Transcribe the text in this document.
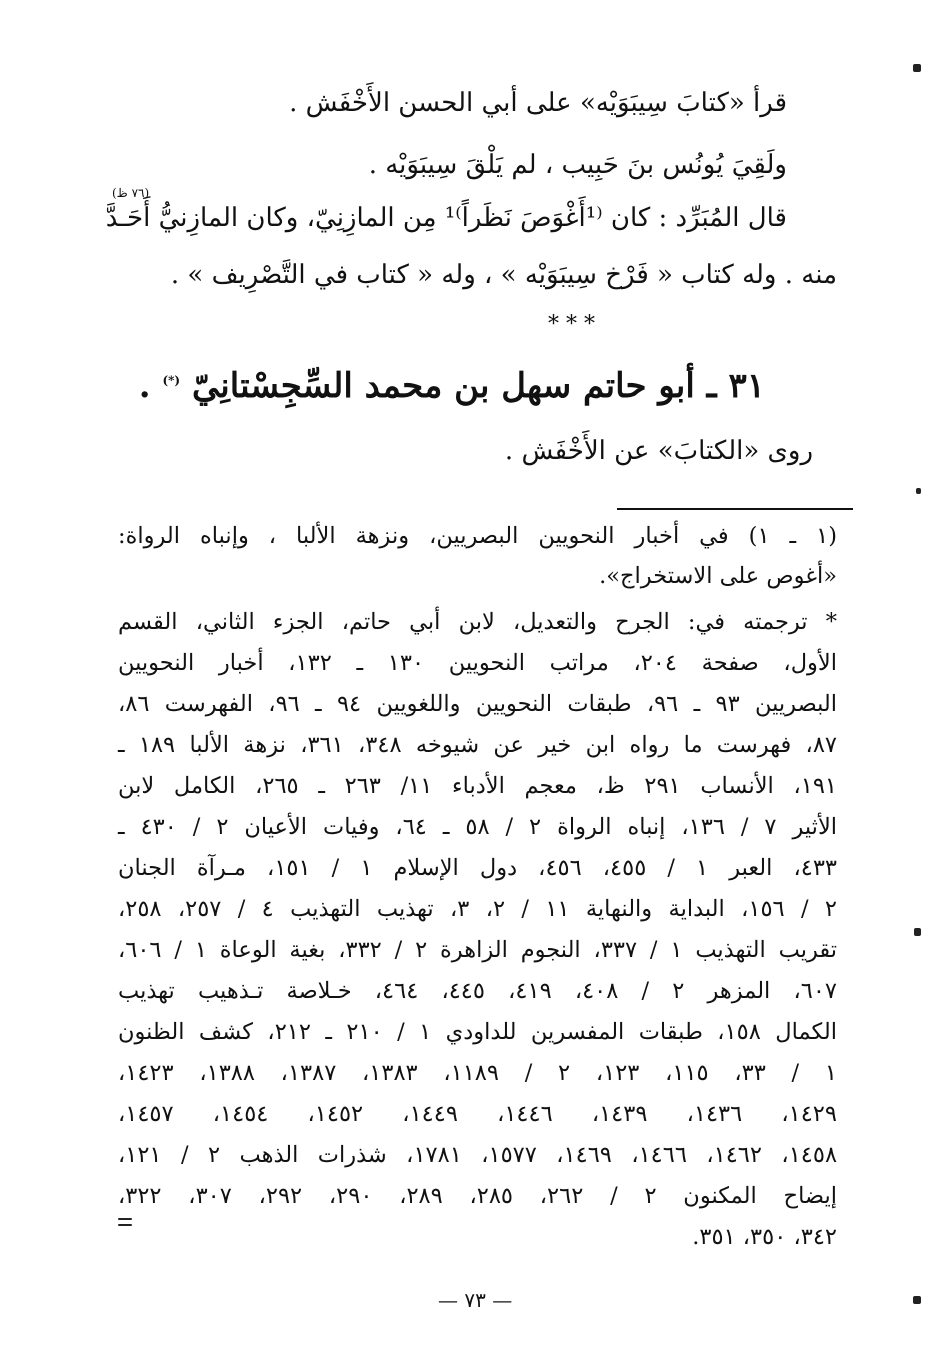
قرأ «كتابَ سِيبَوَيْه» على أبي الحسن الأَخْفَش .
ولَقِيَ يُونُس بنَ حَبِيب ، لم يَلْقَ سِيبَوَيْه .
قال المُبَرِّد : كان ⁽¹أَغْوَصَ نَظَراً⁾¹ مِن المازِنِيّ، وكان المازِنيُّ أَحَـدَّ
(٧٦ ظ)
منه . وله كتاب « فَرْخ سِيبَوَيْه » ، وله « كتاب في التَّصْرِيف » .
* * *
٣١ ـ أبو حاتم سهل بن محمد السِّجِسْتانِيّ (*) .
روى «الكتابَ» عن الأَخْفَش .
(١ ـ ١) في أخبار النحويين البصريين، ونزهة الألبا ، وإنباه الرواة:
«أغوص على الاستخراج».
* ترجمته في: الجرح والتعديل، لابن أبي حاتم، الجزء الثاني، القسم
الأول، صفحة ٢٠٤، مراتب النحويين ١٣٠ ـ ١٣٢، أخبار النحويين
البصريين ٩٣ ـ ٩٦، طبقات النحويين واللغويين ٩٤ ـ ٩٦، الفهرست ٨٦،
٨٧، فهرست ما رواه ابن خير عن شيوخه ٣٤٨، ٣٦١، نزهة الألبا ١٨٩ ـ
١٩١، الأنساب ٢٩١ ظ، معجم الأدباء ١١/ ٢٦٣ ـ ٢٦٥، الكامل لابن
الأثير ٧ / ١٣٦، إنباه الرواة ٢ / ٥٨ ـ ٦٤، وفيات الأعيان ٢ / ٤٣٠ ـ
٤٣٣، العبر ١ / ٤٥٥، ٤٥٦، دول الإسلام ١ / ١٥١، مـرآة الجنان
٢ / ١٥٦، البداية والنهاية ١١ / ٢، ٣، تهذيب التهذيب ٤ / ٢٥٧، ٢٥٨،
تقريب التهذيب ١ / ٣٣٧، النجوم الزاهرة ٢ / ٣٣٢، بغية الوعاة ١ / ٦٠٦،
٦٠٧، المزهر ٢ / ٤٠٨، ٤١٩، ٤٤٥، ٤٦٤، خـلاصة تـذهيب تهذيب
الكمال ١٥٨، طبقات المفسرين للداودي ١ / ٢١٠ ـ ٢١٢، كشف الظنون
١ / ٣٣، ١١٥، ١٢٣، ٢ / ١١٨٩، ١٣٨٣، ١٣٨٧، ١٣٨٨، ١٤٢٣،
١٤٢٩، ١٤٣٦، ١٤٣٩، ١٤٤٦، ١٤٤٩، ١٤٥٢، ١٤٥٤، ١٤٥٧،
١٤٥٨، ١٤٦٢، ١٤٦٦، ١٤٦٩، ١٥٧٧، ١٧٨١، شذرات الذهب ٢ / ١٢١،
إيضاح المكنون ٢ / ٢٦٢، ٢٨٥، ٢٨٩، ٢٩٠، ٢٩٢، ٣٠٧، ٣٢٢،
٣٤٢، ٣٥٠، ٣٥١.
— ٧٣ —
